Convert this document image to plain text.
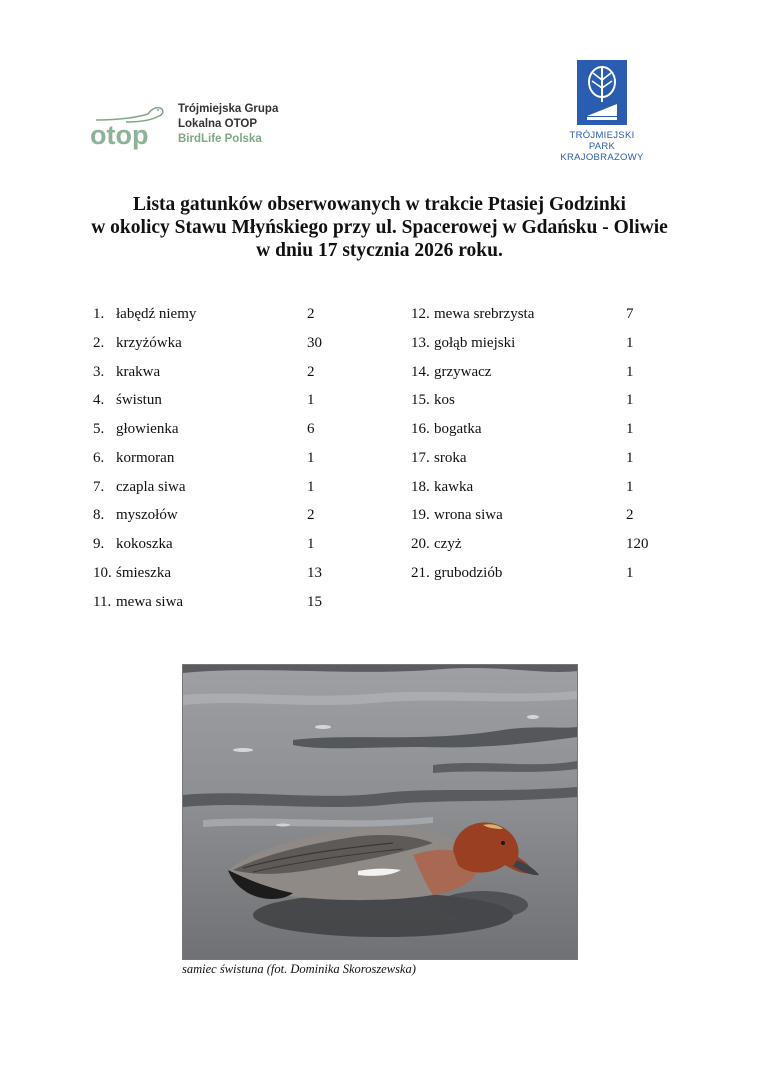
otop
Trójmiejska Grupa
Lokalna OTOP
BirdLife Polska	TRÓJMIEJSKI
PARK
KRAJOBRAZOWY
Lista gatunków obserwowanych w trakcie Ptasiej Godzinki
w okolicy Stawu Młyńskiego przy ul. Spacerowej w Gdańsku - Oliwie
w dniu 17 stycznia 2026 roku.
1. łabędź niemy	2
2. krzyżówka	30
3. krakwa	2
4. świstun	1
5. głowienka	6
6. kormoran	1
7. czapla siwa	1
8. myszołów	2
9. kokoszka	1
10. śmieszka	13
11. mewa siwa	15
12. mewa srebrzysta	7
13. gołąb miejski	1
14. grzywacz	1
15. kos	1
16. bogatka	1
17. sroka	1
18. kawka	1
19. wrona siwa	2
20. czyż	120
21. grubodziób	1
samiec świstuna (fot. Dominika Skoroszewska)
